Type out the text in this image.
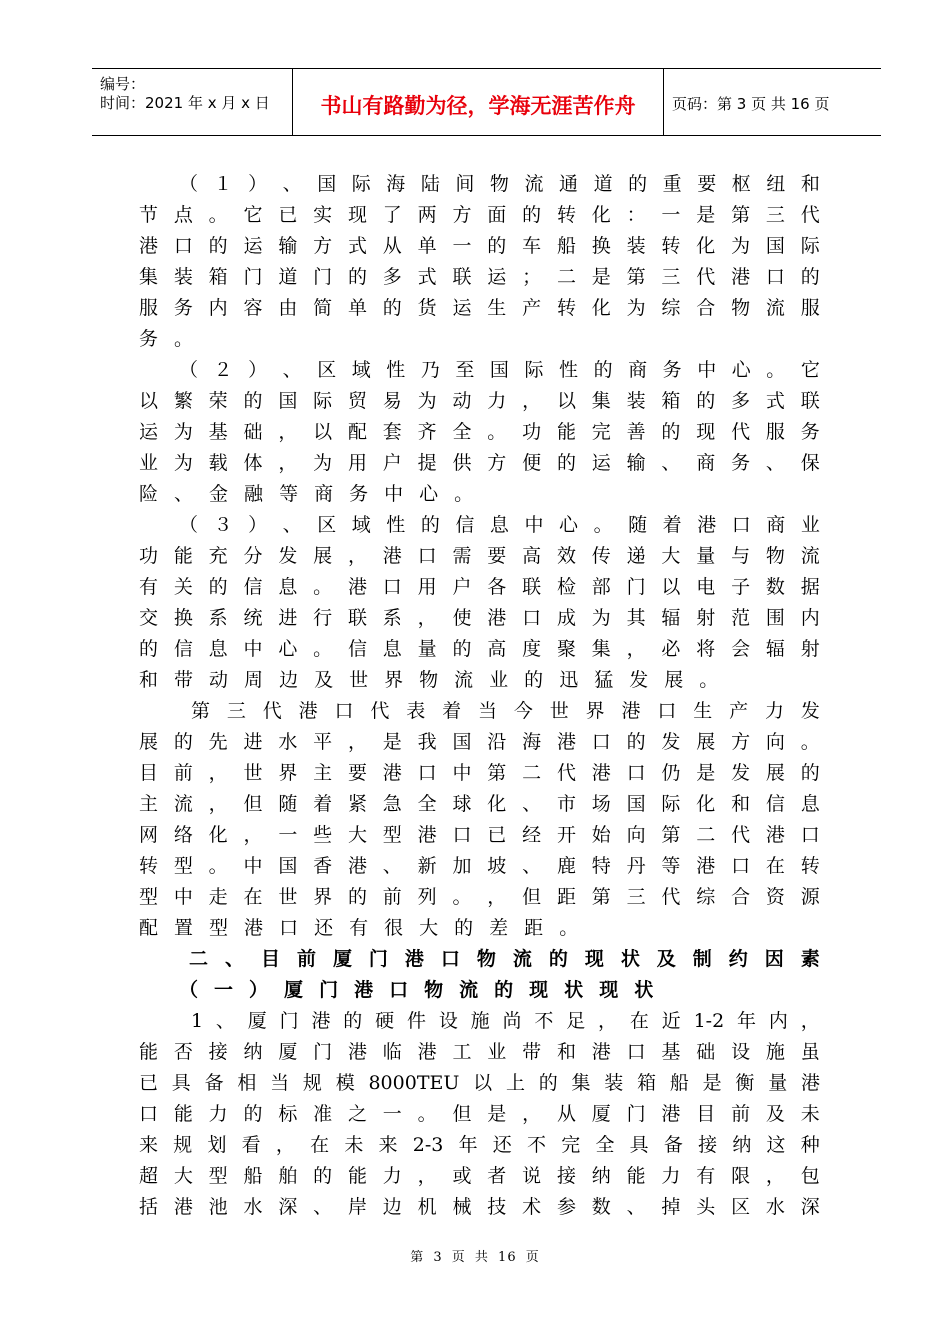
编号：
时间：2021 年 x 月 x 日	书山有路勤为径，学海无涯苦作舟	页码：第 3 页 共 16 页
（ １ ） 、 国 际 海 陆 间 物 流 通 道 的 重 要 枢 纽 和
节 点 。 它 已 实 现 了 两 方 面 的 转 化 ： 一 是 第 三 代
港 口 的 运 输 方 式 从 单 一 的 车 船 换 装 转 化 为 国 际
集 装 箱 门 道 门 的 多 式 联 运 ； 二 是 第 三 代 港 口 的
服 务 内 容 由 简 单 的 货 运 生 产 转 化 为 综 合 物 流 服
务 。
（ ２ ） 、 区 域 性 乃 至 国 际 性 的 商 务 中 心 。 它
以 繁 荣 的 国 际 贸 易 为 动 力 ， 以 集 装 箱 的 多 式 联
运 为 基 础 ， 以 配 套 齐 全 。 功 能 完 善 的 现 代 服 务
业 为 载 体 ， 为 用 户 提 供 方 便 的 运 输 、 商 务 、 保
险 、 金 融 等 商 务 中 心 。
（ ３ ） 、 区 域 性 的 信 息 中 心 。 随 着 港 口 商 业
功 能 充 分 发 展 ， 港 口 需 要 高 效 传 递 大 量 与 物 流
有 关 的 信 息 。 港 口 用 户 各 联 检 部 门 以 电 子 数 据
交 换 系 统 进 行 联 系 ， 使 港 口 成 为 其 辐 射 范 围 内
的 信 息 中 心 。 信 息 量 的 高 度 聚 集 ， 必 将 会 辐 射
和 带 动 周 边 及 世 界 物 流 业 的 迅 猛 发 展 。
第 三 代 港 口 代 表 着 当 今 世 界 港 口 生 产 力 发
展 的 先 进 水 平 ， 是 我 国 沿 海 港 口 的 发 展 方 向 。
目 前 ， 世 界 主 要 港 口 中 第 二 代 港 口 仍 是 发 展 的
主 流 ， 但 随 着 紧 急 全 球 化 、 市 场 国 际 化 和 信 息
网 络 化 ， 一 些 大 型 港 口 已 经 开 始 向 第 二 代 港 口
转 型 。 中 国 香 港 、 新 加 坡 、 鹿 特 丹 等 港 口 在 转
型 中 走 在 世 界 的 前 列 。 ， 但 距 第 三 代 综 合 资 源
配 置 型 港 口 还 有 很 大 的 差 距 。
二 、 目 前 厦 门 港 口 物 流 的 现 状 及 制 约 因 素
（ 一 ） 厦 门 港 口 物 流 的 现 状 现 状
1 、 厦 门 港 的 硬 件 设 施 尚 不 足 ， 在 近 1-2 年 内 ，
能 否 接 纳 厦 门 港 临 港 工 业 带 和 港 口 基 础 设 施 虽
已 具 备 相 当 规 模 8000TEU 以 上 的 集 装 箱 船 是 衡 量 港
口 能 力 的 标 准 之 一 。 但 是 ， 从 厦 门 港 目 前 及 未
来 规 划 看 ， 在 未 来 2-3 年 还 不 完 全 具 备 接 纳 这 种
超 大 型 船 舶 的 能 力 ， 或 者 说 接 纳 能 力 有 限 ， 包
括 港 池 水 深 、 岸 边 机 械 技 术 参 数 、 掉 头 区 水 深
第 3 页 共 16 页
